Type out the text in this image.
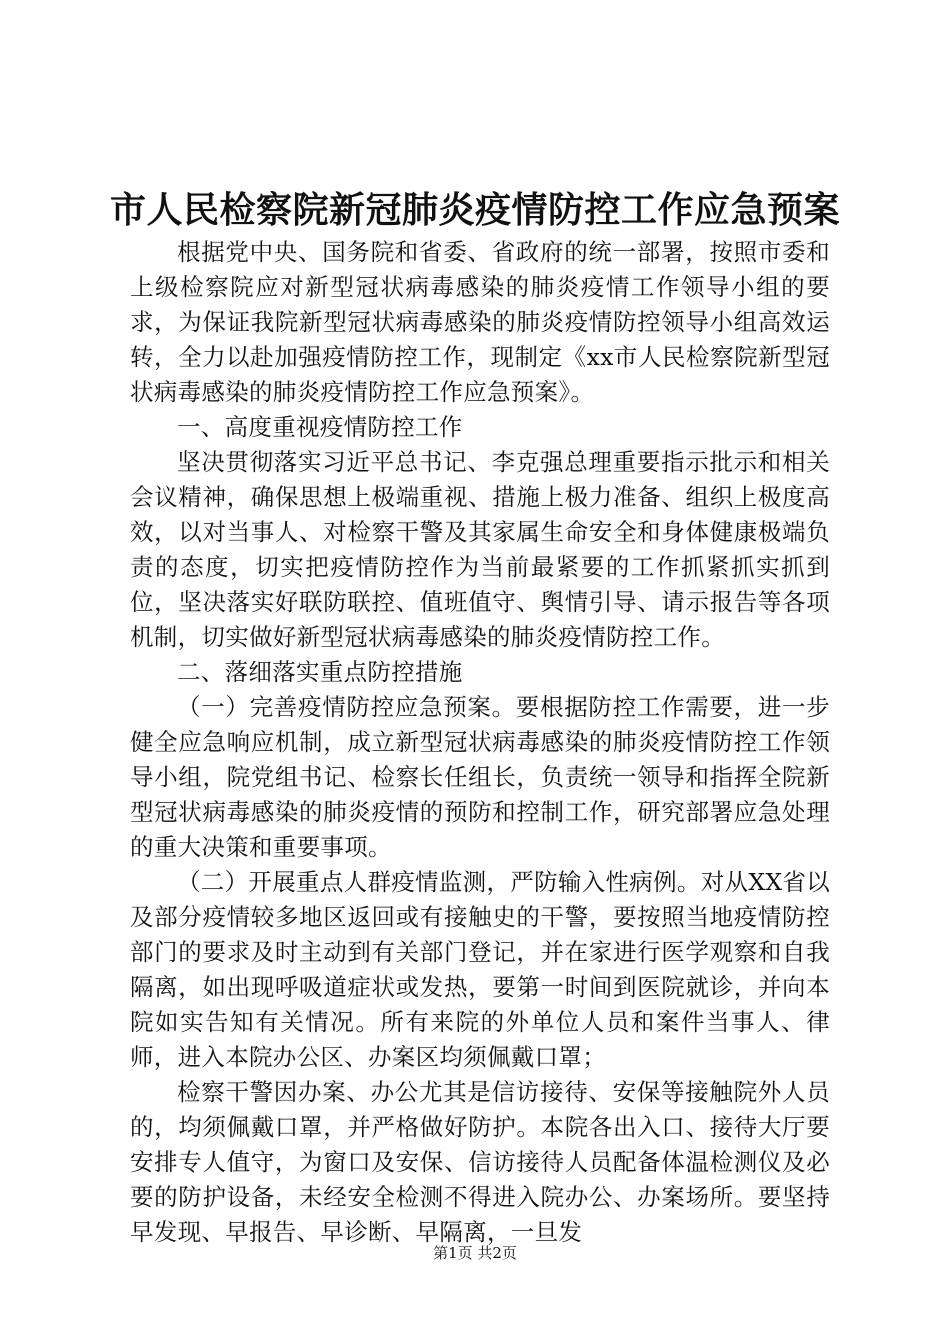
市人民检察院新冠肺炎疫情防控工作应急预案

根据党中央、国务院和省委、省政府的统一部署，按照市委和上级检察院应对新型冠状病毒感染的肺炎疫情工作领导小组的要求，为保证我院新型冠状病毒感染的肺炎疫情防控领导小组高效运转，全力以赴加强疫情防控工作，现制定《xx市人民检察院新型冠状病毒感染的肺炎疫情防控工作应急预案》。

一、高度重视疫情防控工作

坚决贯彻落实习近平总书记、李克强总理重要指示批示和相关会议精神，确保思想上极端重视、措施上极力准备、组织上极度高效，以对当事人、对检察干警及其家属生命安全和身体健康极端负责的态度，切实把疫情防控作为当前最紧要的工作抓紧抓实抓到位，坚决落实好联防联控、值班值守、舆情引导、请示报告等各项机制，切实做好新型冠状病毒感染的肺炎疫情防控工作。

二、落细落实重点防控措施

（一）完善疫情防控应急预案。要根据防控工作需要，进一步健全应急响应机制，成立新型冠状病毒感染的肺炎疫情防控工作领导小组，院党组书记、检察长任组长，负责统一领导和指挥全院新型冠状病毒感染的肺炎疫情的预防和控制工作，研究部署应急处理的重大决策和重要事项。

（二）开展重点人群疫情监测，严防输入性病例。对从XX省以及部分疫情较多地区返回或有接触史的干警，要按照当地疫情防控部门的要求及时主动到有关部门登记，并在家进行医学观察和自我隔离，如出现呼吸道症状或发热，要第一时间到医院就诊，并向本院如实告知有关情况。所有来院的外单位人员和案件当事人、律师，进入本院办公区、办案区均须佩戴口罩；

检察干警因办案、办公尤其是信访接待、安保等接触院外人员的，均须佩戴口罩，并严格做好防护。本院各出入口、接待大厅要安排专人值守，为窗口及安保、信访接待人员配备体温检测仪及必要的防护设备，未经安全检测不得进入院办公、办案场所。要坚持早发现、早报告、早诊断、早隔离，一旦发

第1页 共2页
